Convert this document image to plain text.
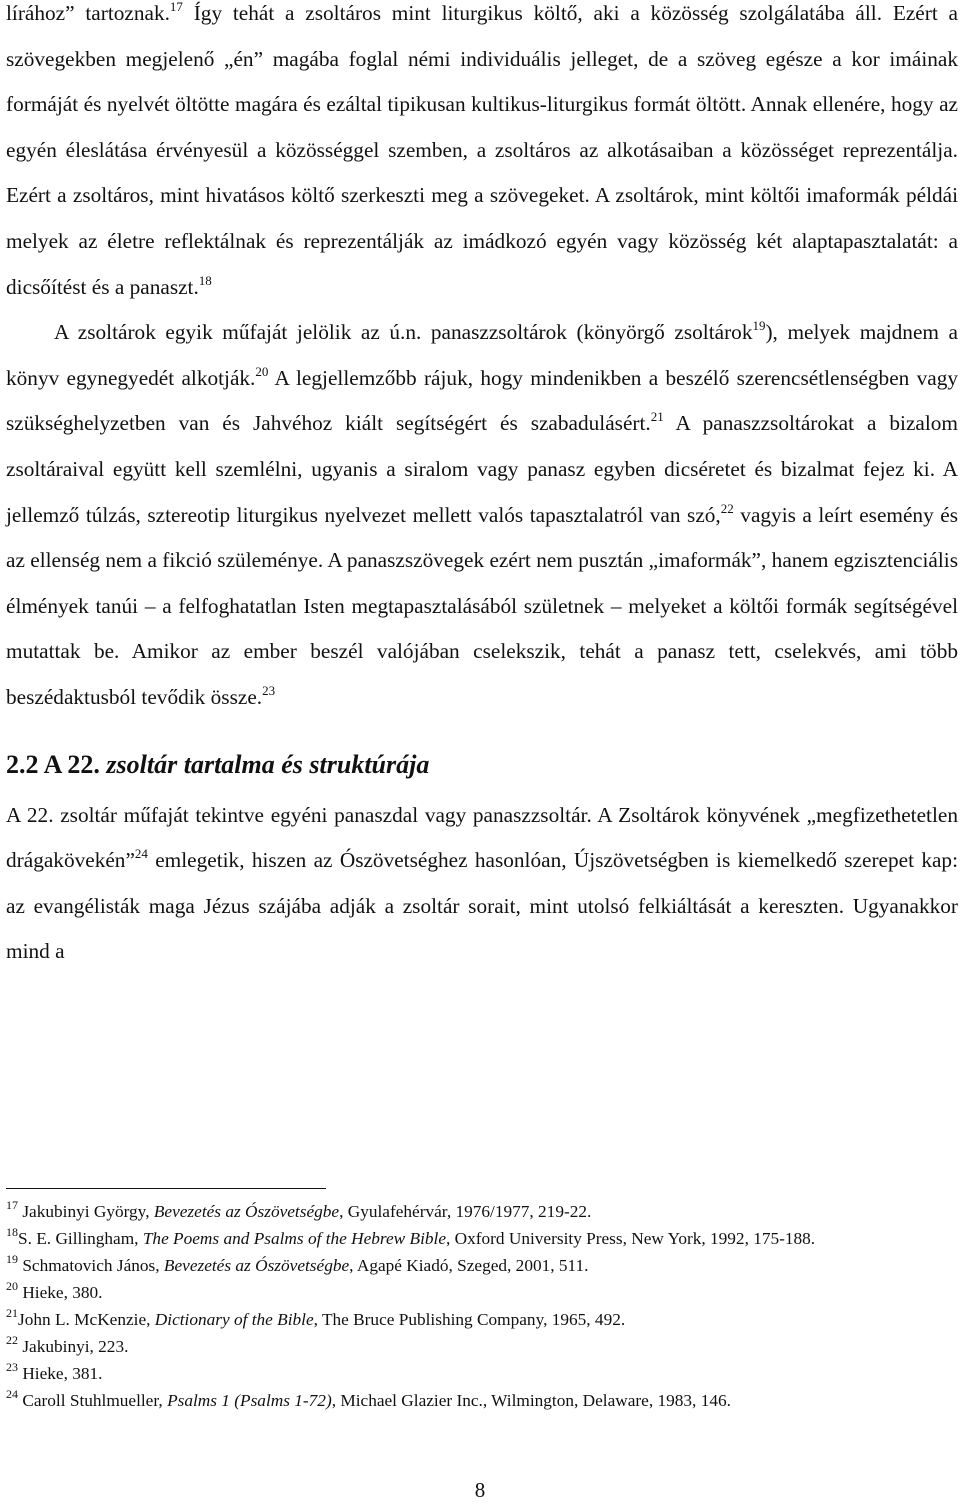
lírához” tartoznak.$^{17}$ Így tehát a zsoltáros mint liturgikus költő, aki a közösség szolgálatába áll. Ezért a szövegekben megjelenő „én” magába foglal némi individuális jelleget, de a szöveg egésze a kor imáinak formáját és nyelvét öltötte magára és ezáltal tipikusan kultikus-liturgikus formát öltött. Annak ellenére, hogy az egyén éleslátása érvényesül a közösséggel szemben, a zsoltáros az alkotásaiban a közösséget reprezentálja. Ezért a zsoltáros, mint hivatásos költő szerkeszti meg a szövegeket. A zsoltárok, mint költői imaformák példái melyek az életre reflektálnak és reprezentálják az imádkozó egyén vagy közösség két alaptapasztalatát: a dicsőítést és a panaszt.$^{18}$

A zsoltárok egyik műfaját jelölik az ú.n. panaszzsoltárok (könyörgő zsoltárok$^{19}$), melyek majdnem a könyv egynegyedét alkotják.$^{20}$ A legjellemzőbb rájuk, hogy mindenikben a beszélő szerencsétlenségben vagy szükséghelyzetben van és Jahvéhoz kiált segítségért és szabadulásért.$^{21}$ A panaszzsoltárokat a bizalom zsoltáraival együtt kell szemlélni, ugyanis a siralom vagy panasz egyben dicséretet és bizalmat fejez ki. A jellemző túlzás, sztereotip liturgikus nyelvezet mellett valós tapasztalatról van szó,$^{22}$ vagyis a leírt esemény és az ellenség nem a fikció szüleménye. A panaszszövegek ezért nem pusztán „imaformák”, hanem egzisztenciális élmények tanúi – a felfoghatatlan Isten megtapasztalásából születnek – melyeket a költői formák segítségével mutattak be. Amikor az ember beszél valójában cselekszik, tehát a panasz tett, cselekvés, ami több beszédaktusból tevődik össze.$^{23}$

2.2 A 22. zsoltár tartalma és struktúrája

A 22. zsoltár műfaját tekintve egyéni panaszdal vagy panaszzsoltár. A Zsoltárok könyvének „megfizethetetlen drágakövekén”$^{24}$ emlegetik, hiszen az Ószövetséghez hasonlóan, Újszövetségben is kiemelkedő szerepet kap: az evangélisták maga Jézus szájába adják a zsoltár sorait, mint utolsó felkiáltását a kereszten. Ugyanakkor mind a

$^{17}$ Jakubinyi György, Bevezetés az Ószövetségbe, Gyulafehérvár, 1976/1977, 219-22.

$^{18}$S. E. Gillingham, The Poems and Psalms of the Hebrew Bible, Oxford University Press, New York, 1992, 175-188.

$^{19}$ Schmatovich János, Bevezetés az Ószövetségbe, Agapé Kiadó, Szeged, 2001, 511.

$^{20}$ Hieke, 380.

$^{21}$John L. McKenzie, Dictionary of the Bible, The Bruce Publishing Company, 1965, 492.

$^{22}$ Jakubinyi, 223.

$^{23}$ Hieke, 381.

$^{24}$ Caroll Stuhlmueller, Psalms 1 (Psalms 1-72), Michael Glazier Inc., Wilmington, Delaware, 1983, 146.

8
